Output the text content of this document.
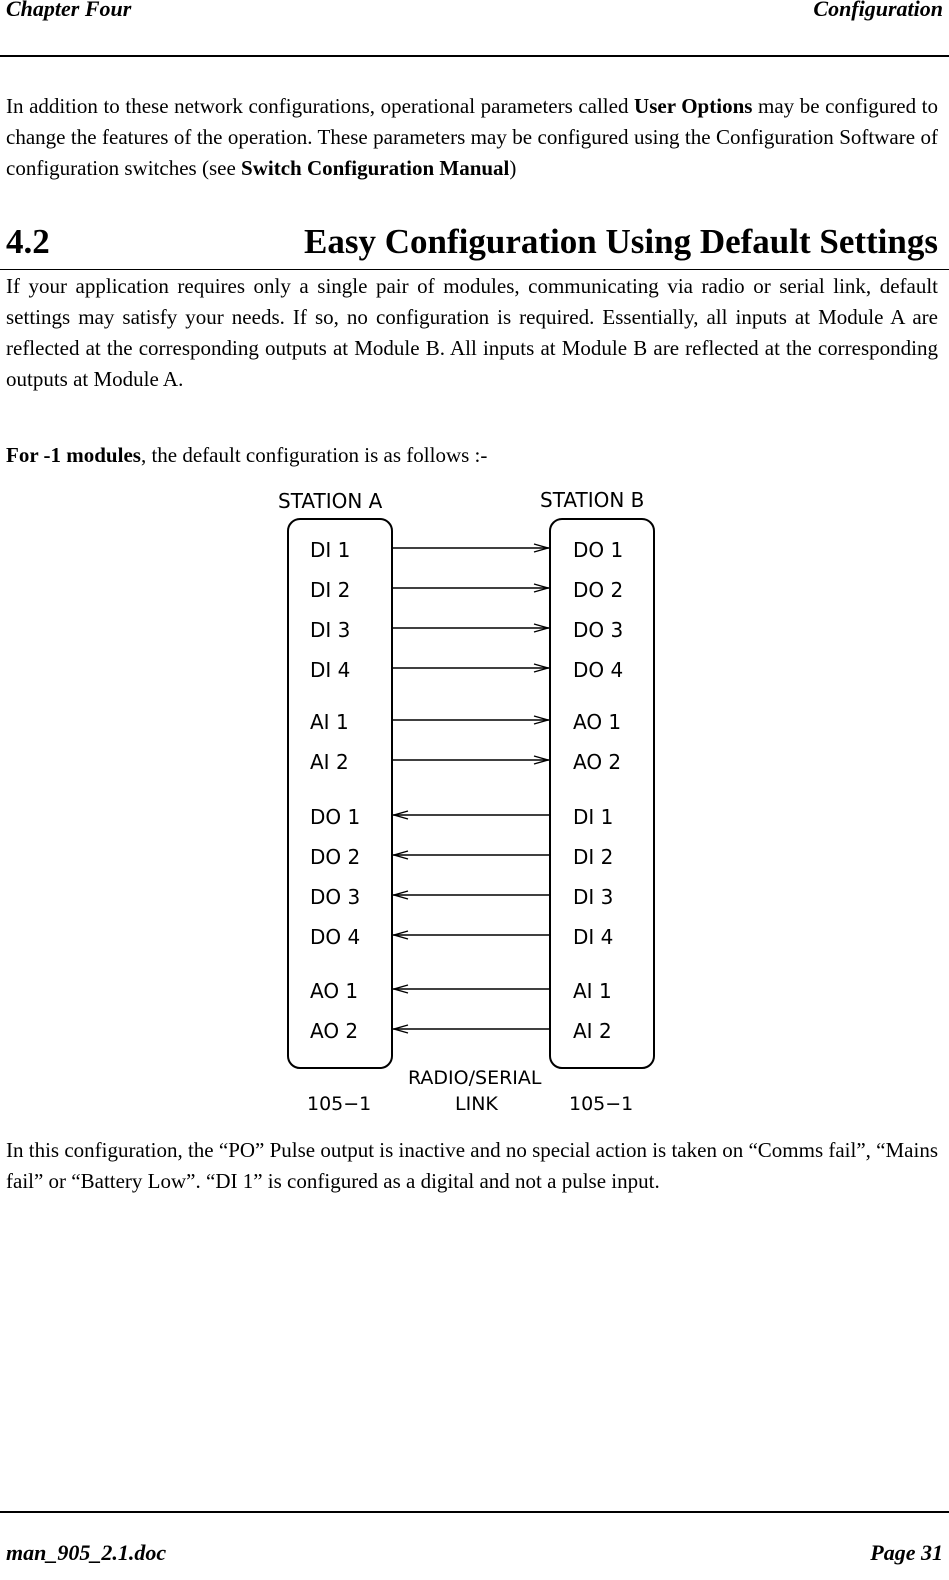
Chapter Four	Configuration
In addition to these network configurations, operational parameters called User Options may be configured to change the features of the operation. These parameters may be configured using the Configuration Software of configuration switches (see Switch Configuration Manual)
4.2	Easy Configuration Using Default Settings
If your application requires only a single pair of modules, communicating via radio or serial link, default settings may satisfy your needs. If so, no configuration is required. Essentially, all inputs at Module A are reflected at the corresponding outputs at Module B. All inputs at Module B are reflected at the corresponding outputs at Module A.
For -1 modules, the default configuration is as follows :-
STATION A	STATION B
DI 1	DO 1
DI 2	DO 2
DI 3	DO 3
DI 4	DO 4
AI 1	AO 1
AI 2	AO 2
DO 1	DI 1
DO 2	DI 2
DO 3	DI 3
DO 4	DI 4
AO 1	AI 1
AO 2	AI 2
RADIO/SERIAL
LINK
105−1	105−1
In this configuration, the “PO” Pulse output is inactive and no special action is taken on “Comms fail”, “Mains fail” or “Battery Low”. “DI 1” is configured as a digital and not a pulse input.
man_905_2.1.doc	Page 31
